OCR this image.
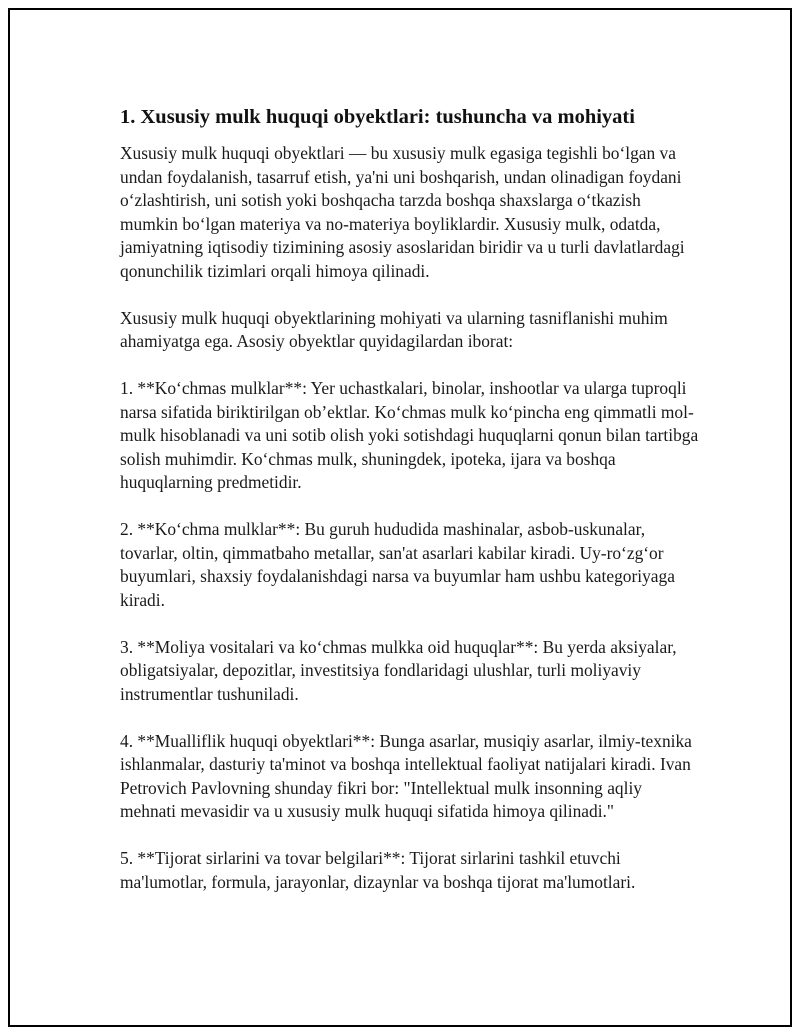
1. Xususiy mulk huquqi obyektlari: tushuncha va mohiyati

Xususiy mulk huquqi obyektlari — bu xususiy mulk egasiga tegishli bo‘lgan va undan foydalanish, tasarruf etish, ya'ni uni boshqarish, undan olinadigan foydani o‘zlashtirish, uni sotish yoki boshqacha tarzda boshqa shaxslarga o‘tkazish mumkin bo‘lgan materiya va no-materiya boyliklardir. Xususiy mulk, odatda, jamiyatning iqtisodiy tizimining asosiy asoslaridan biridir va u turli davlatlardagi qonunchilik tizimlari orqali himoya qilinadi.

Xususiy mulk huquqi obyektlarining mohiyati va ularning tasniflanishi muhim ahamiyatga ega. Asosiy obyektlar quyidagilardan iborat:

1. **Ko‘chmas mulklar**: Yer uchastkalari, binolar, inshootlar va ularga tuproqli narsa sifatida biriktirilgan ob’ektlar. Ko‘chmas mulk ko‘pincha eng qimmatli mol-mulk hisoblanadi va uni sotib olish yoki sotishdagi huquqlarni qonun bilan tartibga solish muhimdir. Ko‘chmas mulk, shuningdek, ipoteka, ijara va boshqa huquqlarning predmetidir.

2. **Ko‘chma mulklar**: Bu guruh hududida mashinalar, asbob-uskunalar, tovarlar, oltin, qimmatbaho metallar, san'at asarlari kabilar kiradi. Uy-ro‘zg‘or buyumlari, shaxsiy foydalanishdagi narsa va buyumlar ham ushbu kategoriyaga kiradi.

3. **Moliya vositalari va ko‘chmas mulkka oid huquqlar**: Bu yerda aksiyalar, obligatsiyalar, depozitlar, investitsiya fondlaridagi ulushlar, turli moliyaviy instrumentlar tushuniladi.

4. **Mualliflik huquqi obyektlari**: Bunga asarlar, musiqiy asarlar, ilmiy-texnika ishlanmalar, dasturiy ta'minot va boshqa intellektual faoliyat natijalari kiradi. Ivan Petrovich Pavlovning shunday fikri bor: "Intellektual mulk insonning aqliy mehnati mevasidir va u xususiy mulk huquqi sifatida himoya qilinadi."

5. **Tijorat sirlarini va tovar belgilari**: Tijorat sirlarini tashkil etuvchi ma'lumotlar, formula, jarayonlar, dizaynlar va boshqa tijorat ma'lumotlari.
